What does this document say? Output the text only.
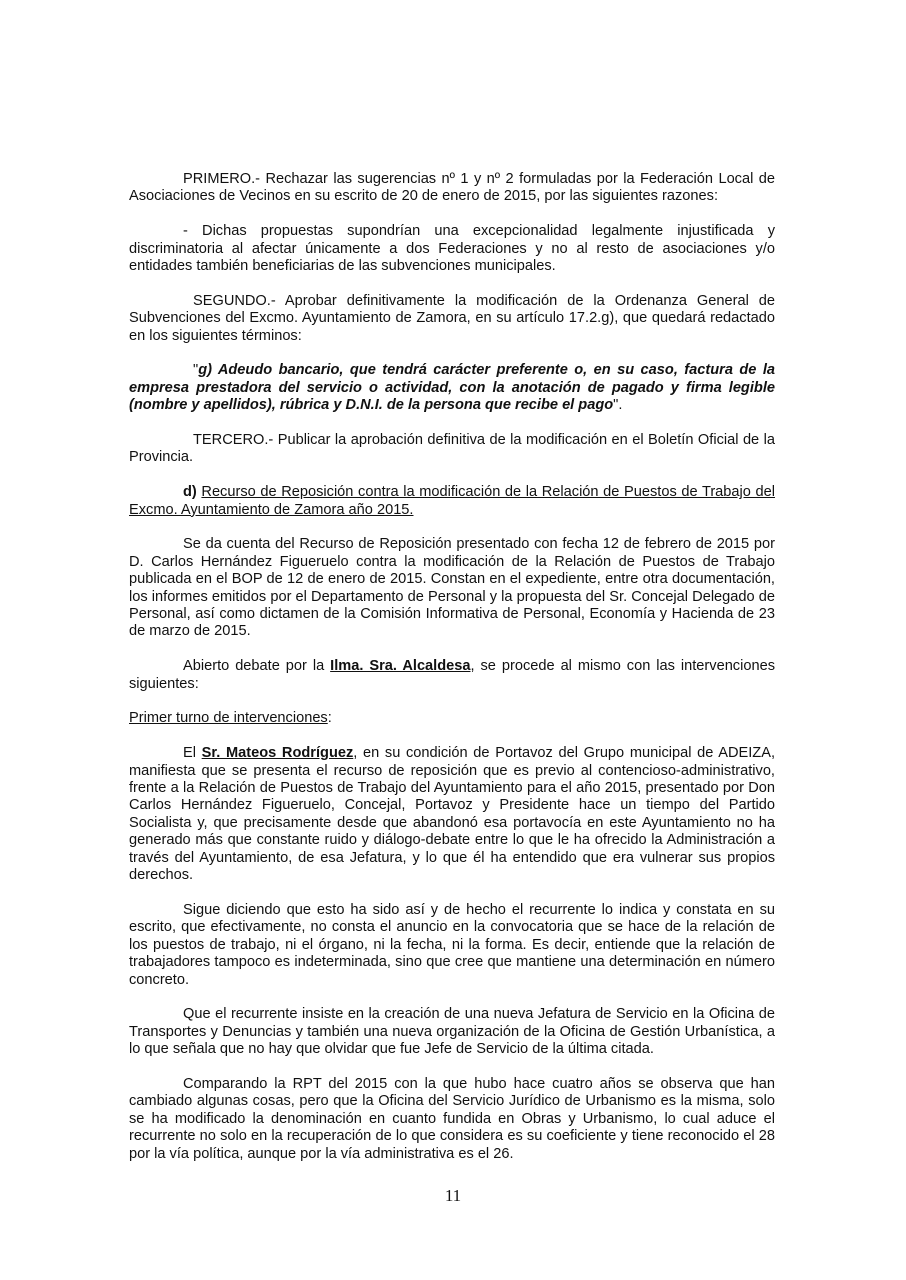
PRIMERO.- Rechazar las sugerencias nº 1 y nº 2 formuladas por la Federación Local de Asociaciones de Vecinos en su escrito de 20 de enero de 2015, por las siguientes razones:

- Dichas propuestas supondrían una excepcionalidad legalmente injustificada y discriminatoria al afectar únicamente a dos Federaciones y no al resto de asociaciones y/o entidades también beneficiarias de las subvenciones municipales.

SEGUNDO.- Aprobar definitivamente la modificación de la Ordenanza General de Subvenciones del Excmo. Ayuntamiento de Zamora, en su artículo 17.2.g), que quedará redactado en los siguientes términos:

"g) Adeudo bancario, que tendrá carácter preferente o, en su caso, factura de la empresa prestadora del servicio o actividad, con la anotación de pagado y firma legible (nombre y apellidos), rúbrica y D.N.I. de la persona que recibe el pago".

TERCERO.- Publicar la aprobación definitiva de la modificación en el Boletín Oficial de la Provincia.

d) Recurso de Reposición contra la modificación de la Relación de Puestos de Trabajo del Excmo. Ayuntamiento de Zamora año 2015.

Se da cuenta del Recurso de Reposición presentado con fecha 12 de febrero de 2015 por D. Carlos Hernández Figueruelo contra la modificación de la Relación de Puestos de Trabajo publicada en el BOP de 12 de enero de 2015. Constan en el expediente, entre otra documentación, los informes emitidos por el Departamento de Personal y la propuesta del Sr. Concejal Delegado de Personal, así como dictamen de la Comisión Informativa de Personal, Economía y Hacienda de 23 de marzo de 2015.

Abierto debate por la Ilma. Sra. Alcaldesa, se procede al mismo con las intervenciones siguientes:

Primer turno de intervenciones:

El Sr. Mateos Rodríguez, en su condición de Portavoz del Grupo municipal de ADEIZA, manifiesta que se presenta el recurso de reposición que es previo al contencioso-administrativo, frente a la Relación de Puestos de Trabajo del Ayuntamiento para el año 2015, presentado por Don Carlos Hernández Figueruelo, Concejal, Portavoz y Presidente hace un tiempo del Partido Socialista y, que precisamente desde que abandonó esa portavocía en este Ayuntamiento no ha generado más que constante ruido y diálogo-debate entre lo que le ha ofrecido la Administración a través del Ayuntamiento, de esa Jefatura, y lo que él ha entendido que era vulnerar sus propios derechos.

Sigue diciendo que esto ha sido así y de hecho el recurrente lo indica y constata en su escrito, que efectivamente, no consta el anuncio en la convocatoria que se hace de la relación de los puestos de trabajo, ni el órgano, ni la fecha, ni la forma. Es decir, entiende que la relación de trabajadores tampoco es indeterminada, sino que cree que mantiene una determinación en número concreto.

Que el recurrente insiste en la creación de una nueva Jefatura de Servicio en la Oficina de Transportes y Denuncias y también una nueva organización de la Oficina de Gestión Urbanística, a lo que señala que no hay que olvidar que fue Jefe de Servicio de la última citada.

Comparando la RPT del 2015 con la que hubo hace cuatro años se observa que han cambiado algunas cosas, pero que la Oficina del Servicio Jurídico de Urbanismo es la misma, solo se ha modificado la denominación en cuanto fundida en Obras y Urbanismo, lo cual aduce el recurrente no solo en la recuperación de lo que considera es su coeficiente y tiene reconocido el 28 por la vía política, aunque por la vía administrativa es el 26.

11
